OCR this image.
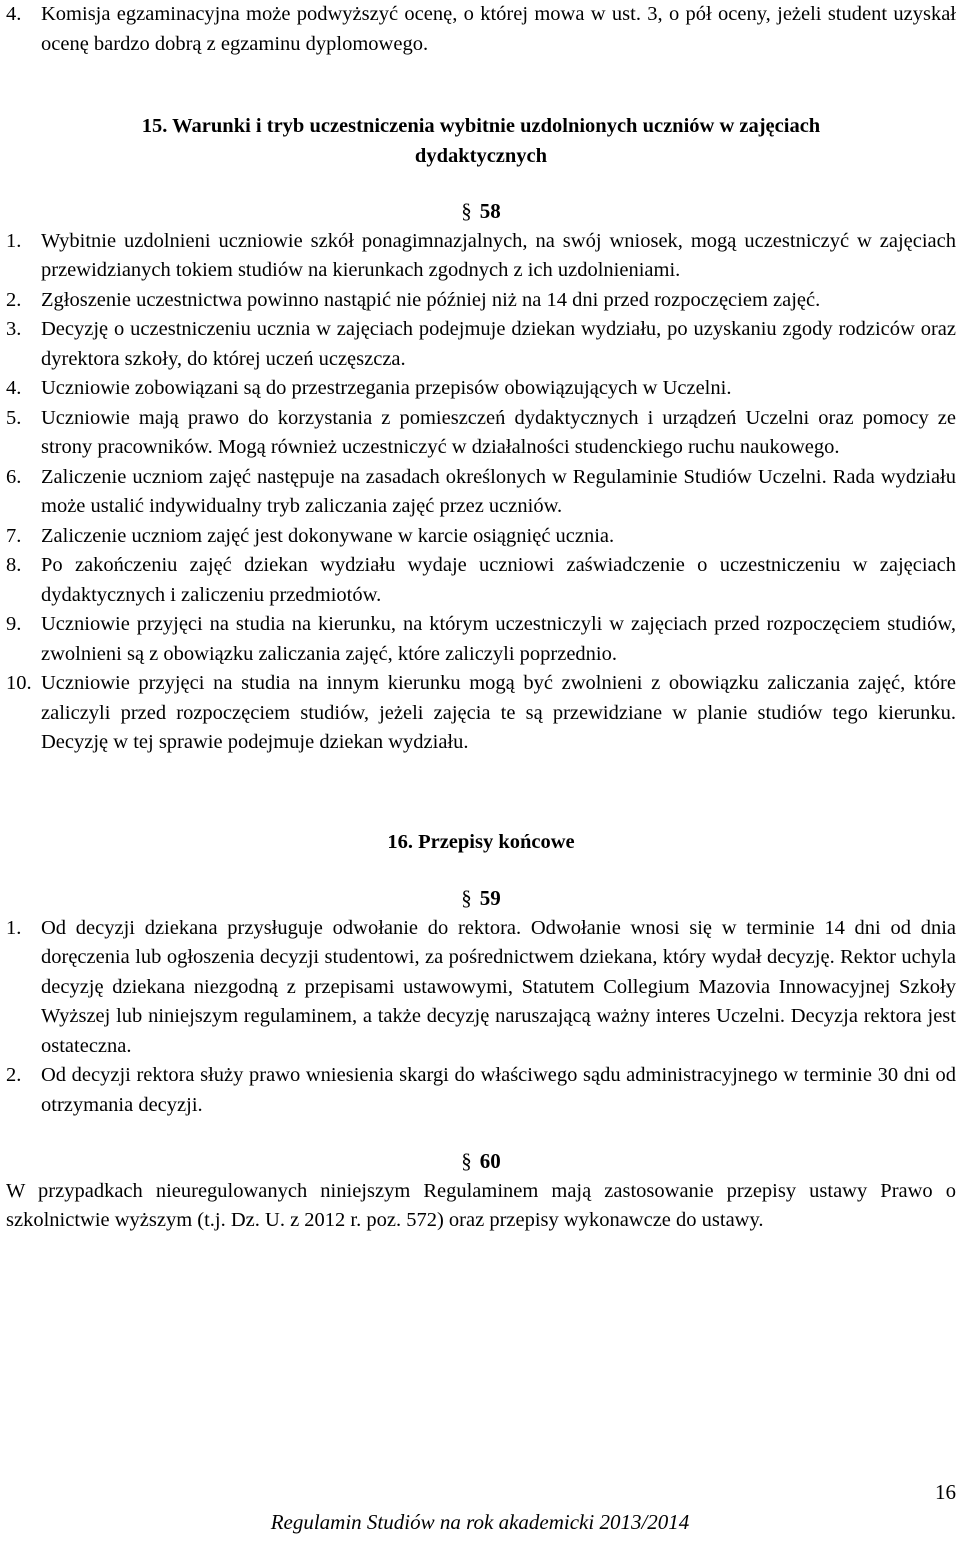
4. Komisja egzaminacyjna może podwyższyć ocenę, o której mowa w ust. 3, o pół oceny, jeżeli student uzyskał ocenę bardzo dobrą z egzaminu dyplomowego.
15. Warunki i tryb uczestniczenia wybitnie uzdolnionych uczniów w zajęciach
dydaktycznych
§ 58
1. Wybitnie uzdolnieni uczniowie szkół ponagimnazjalnych, na swój wniosek, mogą uczestniczyć w zajęciach przewidzianych tokiem studiów na kierunkach zgodnych z ich uzdolnieniami.
2. Zgłoszenie uczestnictwa powinno nastąpić nie później niż na 14 dni przed rozpoczęciem zajęć.
3. Decyzję o uczestniczeniu ucznia w zajęciach podejmuje dziekan wydziału, po uzyskaniu zgody rodziców oraz dyrektora szkoły, do której uczeń uczęszcza.
4. Uczniowie zobowiązani są do przestrzegania przepisów obowiązujących w Uczelni.
5. Uczniowie mają prawo do korzystania z pomieszczeń dydaktycznych i urządzeń Uczelni oraz pomocy ze strony pracowników. Mogą również uczestniczyć w działalności studenckiego ruchu naukowego.
6. Zaliczenie uczniom zajęć następuje na zasadach określonych w Regulaminie Studiów Uczelni. Rada wydziału może ustalić indywidualny tryb zaliczania zajęć przez uczniów.
7. Zaliczenie uczniom zajęć jest dokonywane w karcie osiągnięć ucznia.
8. Po zakończeniu zajęć dziekan wydziału wydaje uczniowi zaświadczenie o uczestniczeniu w zajęciach dydaktycznych i zaliczeniu przedmiotów.
9. Uczniowie przyjęci na studia na kierunku, na którym uczestniczyli w zajęciach przed rozpoczęciem studiów, zwolnieni są z obowiązku zaliczania zajęć, które zaliczyli poprzednio.
10. Uczniowie przyjęci na studia na innym kierunku mogą być zwolnieni z obowiązku zaliczania zajęć, które zaliczyli przed rozpoczęciem studiów, jeżeli zajęcia te są przewidziane w planie studiów tego kierunku. Decyzję w tej sprawie podejmuje dziekan wydziału.
16. Przepisy końcowe
§ 59
1. Od decyzji dziekana przysługuje odwołanie do rektora. Odwołanie wnosi się w terminie 14 dni od dnia doręczenia lub ogłoszenia decyzji studentowi, za pośrednictwem dziekana, który wydał decyzję. Rektor uchyla decyzję dziekana niezgodną z przepisami ustawowymi, Statutem Collegium Mazovia Innowacyjnej Szkoły Wyższej lub niniejszym regulaminem, a także decyzję naruszającą ważny interes Uczelni. Decyzja rektora jest ostateczna.
2. Od decyzji rektora służy prawo wniesienia skargi do właściwego sądu administracyjnego w terminie 30 dni od otrzymania decyzji.
§ 60
W przypadkach nieuregulowanych niniejszym Regulaminem mają zastosowanie przepisy ustawy Prawo o szkolnictwie wyższym (t.j. Dz. U. z 2012 r. poz. 572) oraz przepisy wykonawcze do ustawy.
16
Regulamin Studiów na rok akademicki 2013/2014
